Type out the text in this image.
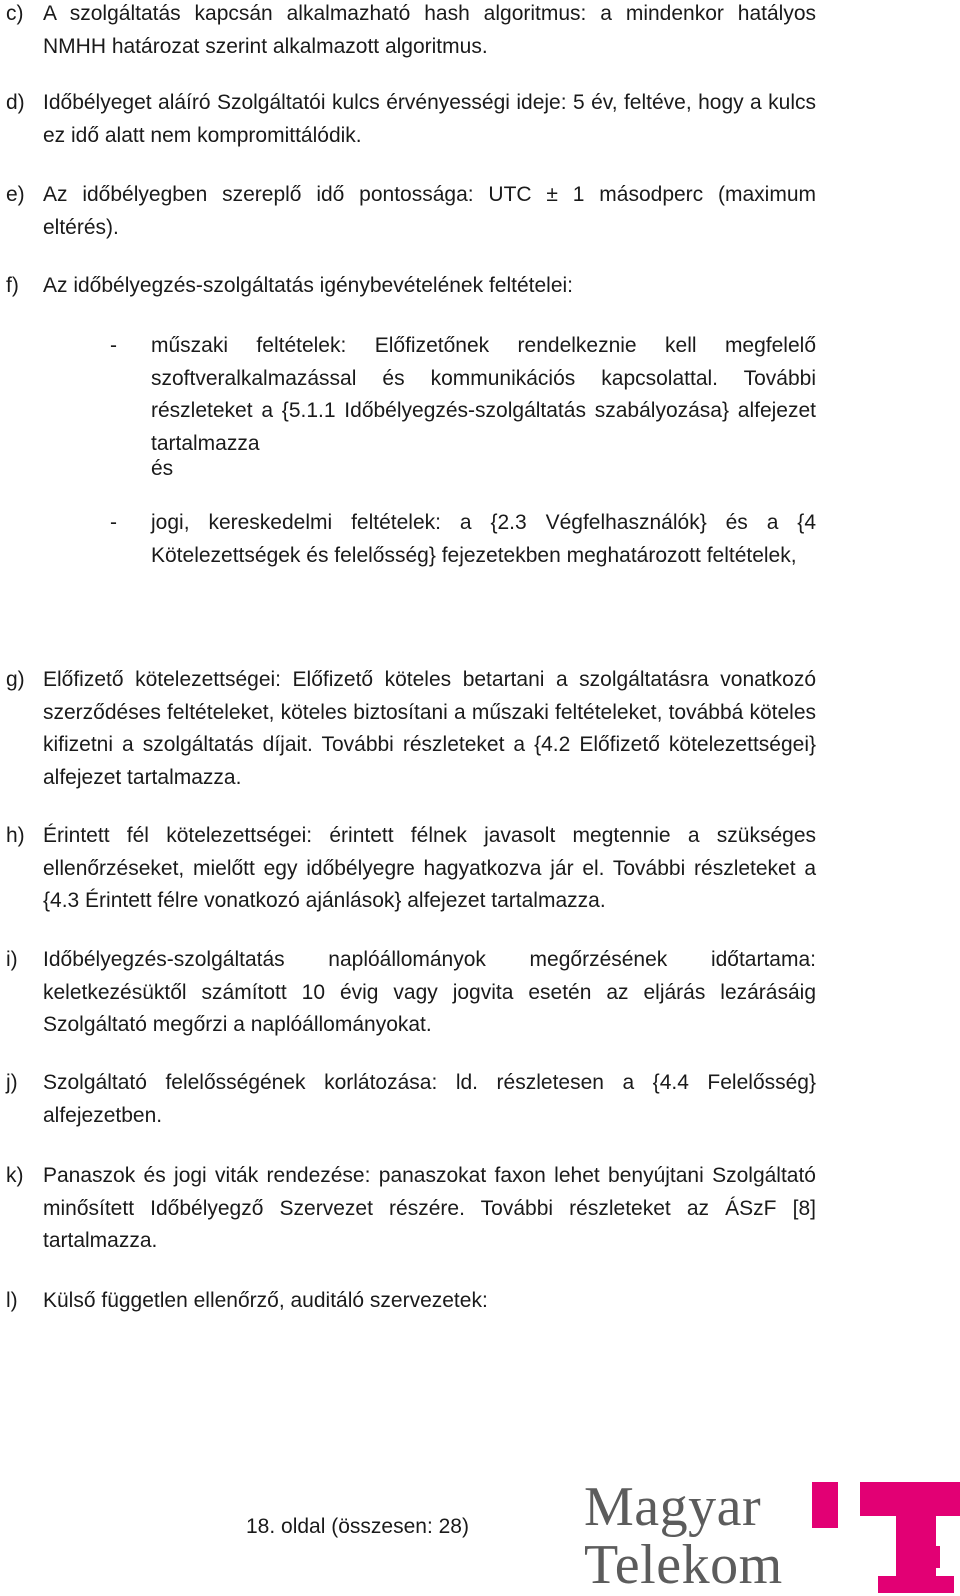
c) A szolgáltatás kapcsán alkalmazható hash algoritmus: a mindenkor hatályos NMHH határozat szerint alkalmazott algoritmus.
d) Időbélyeget aláíró Szolgáltatói kulcs érvényességi ideje: 5 év, feltéve, hogy a kulcs ez idő alatt nem kompromittálódik.
e) Az időbélyegben szereplő idő pontossága: UTC ± 1 másodperc (maximum eltérés).
f) Az időbélyegzés-szolgáltatás igénybevételének feltételei:
- műszaki feltételek: Előfizetőnek rendelkeznie kell megfelelő szoftveralkalmazással és kommunikációs kapcsolattal. További részleteket a {5.1.1 Időbélyegzés-szolgáltatás szabályozása} alfejezet tartalmazza
és
- jogi, kereskedelmi feltételek: a {2.3 Végfelhasználók} és a {4 Kötelezettségek és felelősség} fejezetekben meghatározott feltételek,
g) Előfizető kötelezettségei: Előfizető köteles betartani a szolgáltatásra vonatkozó szerződéses feltételeket, köteles biztosítani a műszaki feltételeket, továbbá köteles kifizetni a szolgáltatás díjait. További részleteket a {4.2 Előfizető kötelezettségei} alfejezet tartalmazza.
h) Érintett fél kötelezettségei: érintett félnek javasolt megtennie a szükséges ellenőrzéseket, mielőtt egy időbélyegre hagyatkozva jár el. További részleteket a {4.3 Érintett félre vonatkozó ajánlások} alfejezet tartalmazza.
i) Időbélyegzés-szolgáltatás naplóállományok megőrzésének időtartama: keletkezésüktől számított 10 évig vagy jogvita esetén az eljárás lezárásáig Szolgáltató megőrzi a naplóállományokat.
j) Szolgáltató felelősségének korlátozása: ld. részletesen a {4.4 Felelősség} alfejezetben.
k) Panaszok és jogi viták rendezése: panaszokat faxon lehet benyújtani Szolgáltató minősített Időbélyegző Szervezet részére. További részleteket az ÁSzF [8] tartalmazza.
l) Külső független ellenőrző, auditáló szervezetek:
18. oldal (összesen: 28) Magyar
Telekom
